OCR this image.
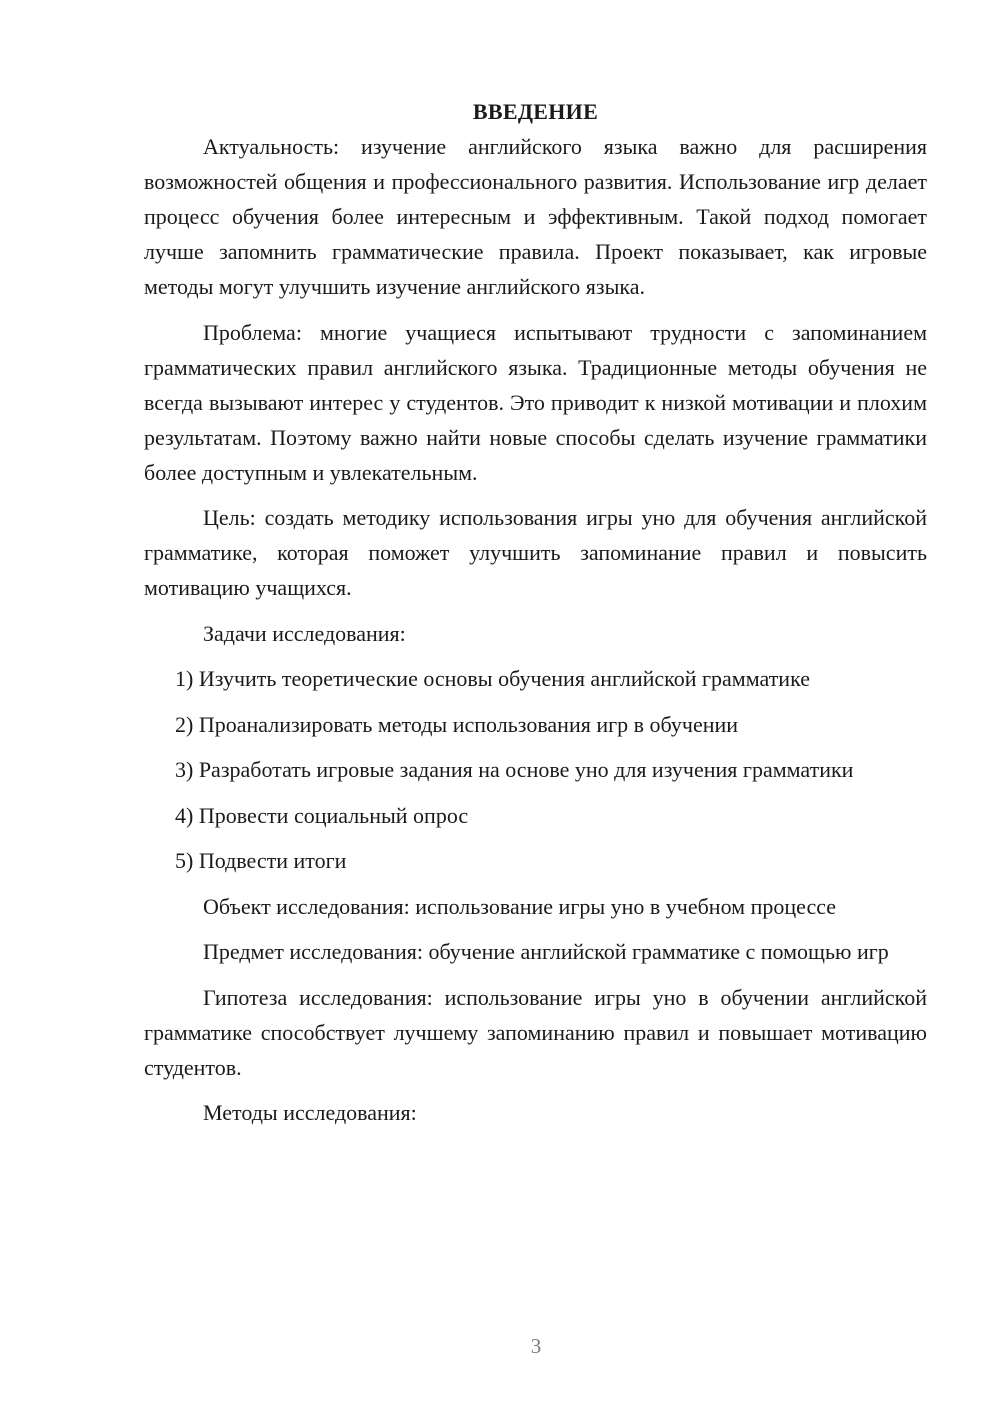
ВВЕДЕНИЕ

Актуальность: изучение английского языка важно для расширения возможностей общения и профессионального развития. Использование игр делает процесс обучения более интересным и эффективным. Такой подход помогает лучше запомнить грамматические правила. Проект показывает, как игровые методы могут улучшить изучение английского языка.

Проблема: многие учащиеся испытывают трудности с запоминанием грамматических правил английского языка. Традиционные методы обучения не всегда вызывают интерес у студентов. Это приводит к низкой мотивации и плохим результатам. Поэтому важно найти новые способы сделать изучение грамматики более доступным и увлекательным.

Цель: создать методику использования игры уно для обучения английской грамматике, которая поможет улучшить запоминание правил и повысить мотивацию учащихся.

Задачи исследования:

1) Изучить теоретические основы обучения английской грамматике

2) Проанализировать методы использования игр в обучении

3) Разработать игровые задания на основе уно для изучения грамматики

4) Провести социальный опрос

5) Подвести итоги

Объект исследования: использование игры уно в учебном процессе

Предмет исследования: обучение английской грамматике с помощью игр

Гипотеза исследования: использование игры уно в обучении английской грамматике способствует лучшему запоминанию правил и повышает мотивацию студентов.

Методы исследования:

3
